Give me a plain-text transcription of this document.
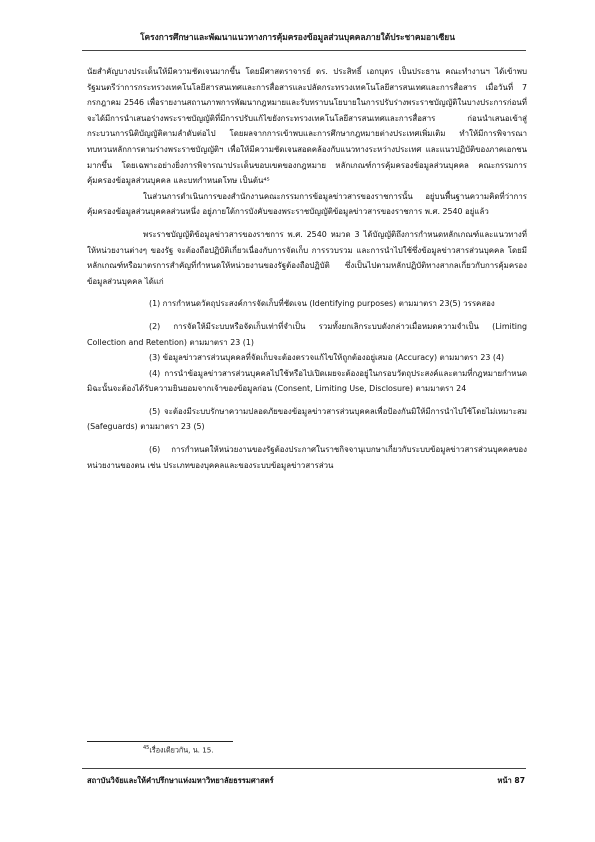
โครงการศึกษาและพัฒนาแนวทางการคุ้มครองข้อมูลส่วนบุคคลภายใต้ประชาคมอาเซียน

นัยสำคัญบางประเด็นให้มีความชัดเจนมากขึ้น โดยมีศาสตราจารย์ ดร. ประสิทธิ์ เอกบุตร เป็นประธาน คณะทำงานฯ ได้เข้าพบรัฐมนตรีว่าการกระทรวงเทคโนโลยีสารสนเทศและการสื่อสารและปลัดกระทรวงเทคโนโลยีสารสนเทศและการสื่อสาร เมื่อวันที่ 7 กรกฎาคม 2546 เพื่อรายงานสถานภาพการพัฒนากฎหมายและรับทราบนโยบายในการปรับร่างพระราชบัญญัติในบางประการก่อนที่จะได้มีการนำเสนอร่างพระราชบัญญัติที่มีการปรับแก้ไขยังกระทรวงเทคโนโลยีสารสนเทศและการสื่อสาร ก่อนนำเสนอเข้าสู่กระบวนการนิติบัญญัติตามลำดับต่อไป โดยผลจากการเข้าพบและการศึกษากฎหมายต่างประเทศเพิ่มเติม ทำให้มีการพิจารณาทบทวนหลักการตามร่างพระราชบัญญัติฯ เพื่อให้มีความชัดเจนสอดคล้องกับแนวทางระหว่างประเทศ และแนวปฏิบัติของภาคเอกชนมากขึ้น โดยเฉพาะอย่างยิ่งการพิจารณาประเด็นขอบเขตของกฎหมาย หลักเกณฑ์การคุ้มครองข้อมูลส่วนบุคคล คณะกรรมการคุ้มครองข้อมูลส่วนบุคคล และบทกำหนดโทษ เป็นต้น⁴⁵

ในส่วนการดำเนินการของสำนักงานคณะกรรมการข้อมูลข่าวสารของราชการนั้น อยู่บนพื้นฐานความคิดที่ว่าการคุ้มครองข้อมูลส่วนบุคคลส่วนหนึ่ง อยู่ภายใต้การบังคับของพระราชบัญญัติข้อมูลข่าวสารของราชการ พ.ศ. 2540 อยู่แล้ว

พระราชบัญญัติข้อมูลข่าวสารของราชการ พ.ศ. 2540 หมวด 3 ได้บัญญัติถึงการกำหนดหลักเกณฑ์และแนวทางที่ให้หน่วยงานต่างๆ ของรัฐ จะต้องถือปฏิบัติเกี่ยวเนื่องกับการจัดเก็บ การรวบรวม และการนำไปใช้ซึ่งข้อมูลข่าวสารส่วนบุคคล โดยมีหลักเกณฑ์หรือมาตรการสำคัญที่กำหนดให้หน่วยงานของรัฐต้องถือปฏิบัติ ซึ่งเป็นไปตามหลักปฏิบัติทางสากลเกี่ยวกับการคุ้มครองข้อมูลส่วนบุคคล ได้แก่

(1) การกำหนดวัตถุประสงค์การจัดเก็บที่ชัดเจน (Identifying purposes) ตามมาตรา 23(5) วรรคสอง

(2) การจัดให้มีระบบหรือจัดเก็บเท่าที่จำเป็น รวมทั้งยกเลิกระบบดังกล่าวเมื่อหมดความจำเป็น (Limiting Collection and Retention) ตามมาตรา 23 (1)

(3) ข้อมูลข่าวสารส่วนบุคคลที่จัดเก็บจะต้องตรวจแก้ไขให้ถูกต้องอยู่เสมอ (Accuracy) ตามมาตรา 23 (4)

(4) การนำข้อมูลข่าวสารส่วนบุคคลไปใช้หรือไปเปิดเผยจะต้องอยู่ในกรอบวัตถุประสงค์และตามที่กฎหมายกำหนด มิฉะนั้นจะต้องได้รับความยินยอมจากเจ้าของข้อมูลก่อน (Consent, Limiting Use, Disclosure) ตามมาตรา 24

(5) จะต้องมีระบบรักษาความปลอดภัยของข้อมูลข่าวสารส่วนบุคคลเพื่อป้องกันมิให้มีการนำไปใช้โดยไม่เหมาะสม (Safeguards) ตามมาตรา 23 (5)

(6) การกำหนดให้หน่วยงานของรัฐต้องประกาศในราชกิจจานุเบกษาเกี่ยวกับระบบข้อมูลข่าวสารส่วนบุคคลของหน่วยงานของตน เช่น ประเภทของบุคคลและของระบบข้อมูลข่าวสารส่วน

$^{45}$เรื่องเดียวกัน, น. 15.
สถาบันวิจัยและให้คำปรึกษาแห่งมหาวิทยาลัยธรรมศาสตร์	หน้า 87
